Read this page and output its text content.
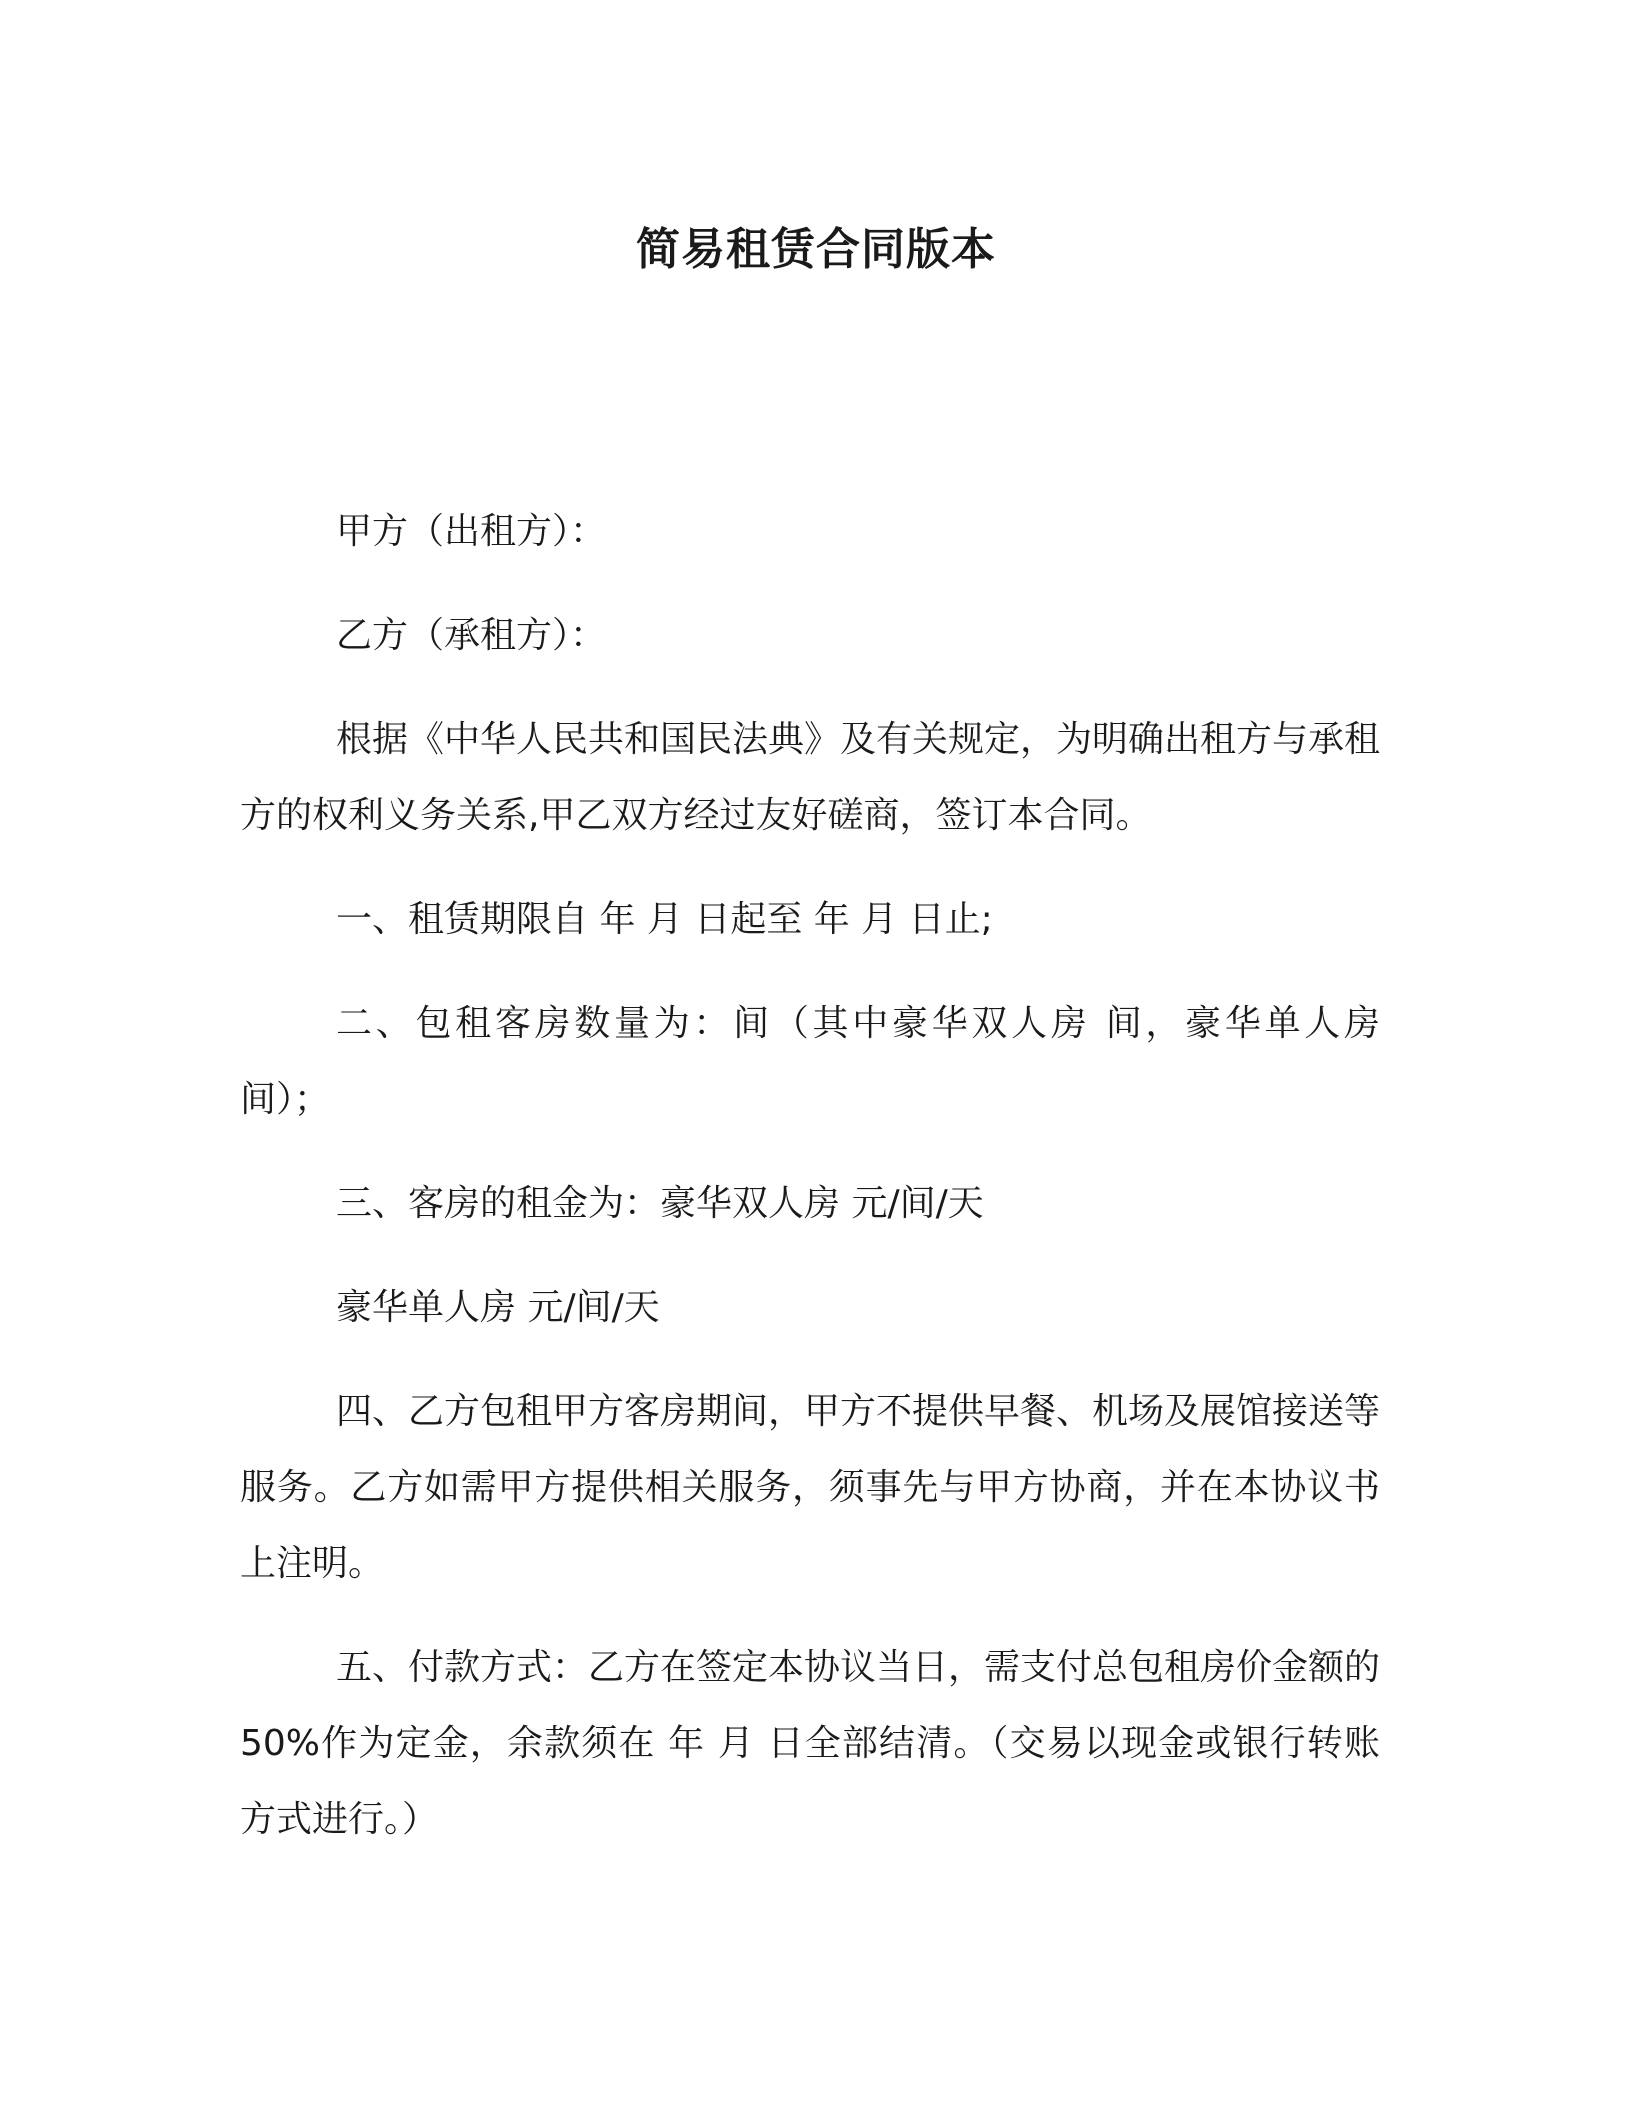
简易租赁合同版本

甲方（出租方）：

乙方（承租方）：

根据《中华人民共和国民法典》及有关规定，为明确出租方与承租方的权利义务关系,甲乙双方经过友好磋商，签订本合同。

一、租赁期限自 年 月 日起至 年 月 日止;

二、包租客房数量为：间（其中豪华双人房 间，豪华单人房 间）；

三、客房的租金为：豪华双人房 元/间/天

豪华单人房 元/间/天

四、乙方包租甲方客房期间，甲方不提供早餐、机场及展馆接送等服务。乙方如需甲方提供相关服务，须事先与甲方协商，并在本协议书上注明。

五、付款方式：乙方在签定本协议当日，需支付总包租房价金额的 50%作为定金，余款须在 年 月 日全部结清。（交易以现金或银行转账方式进行。）
